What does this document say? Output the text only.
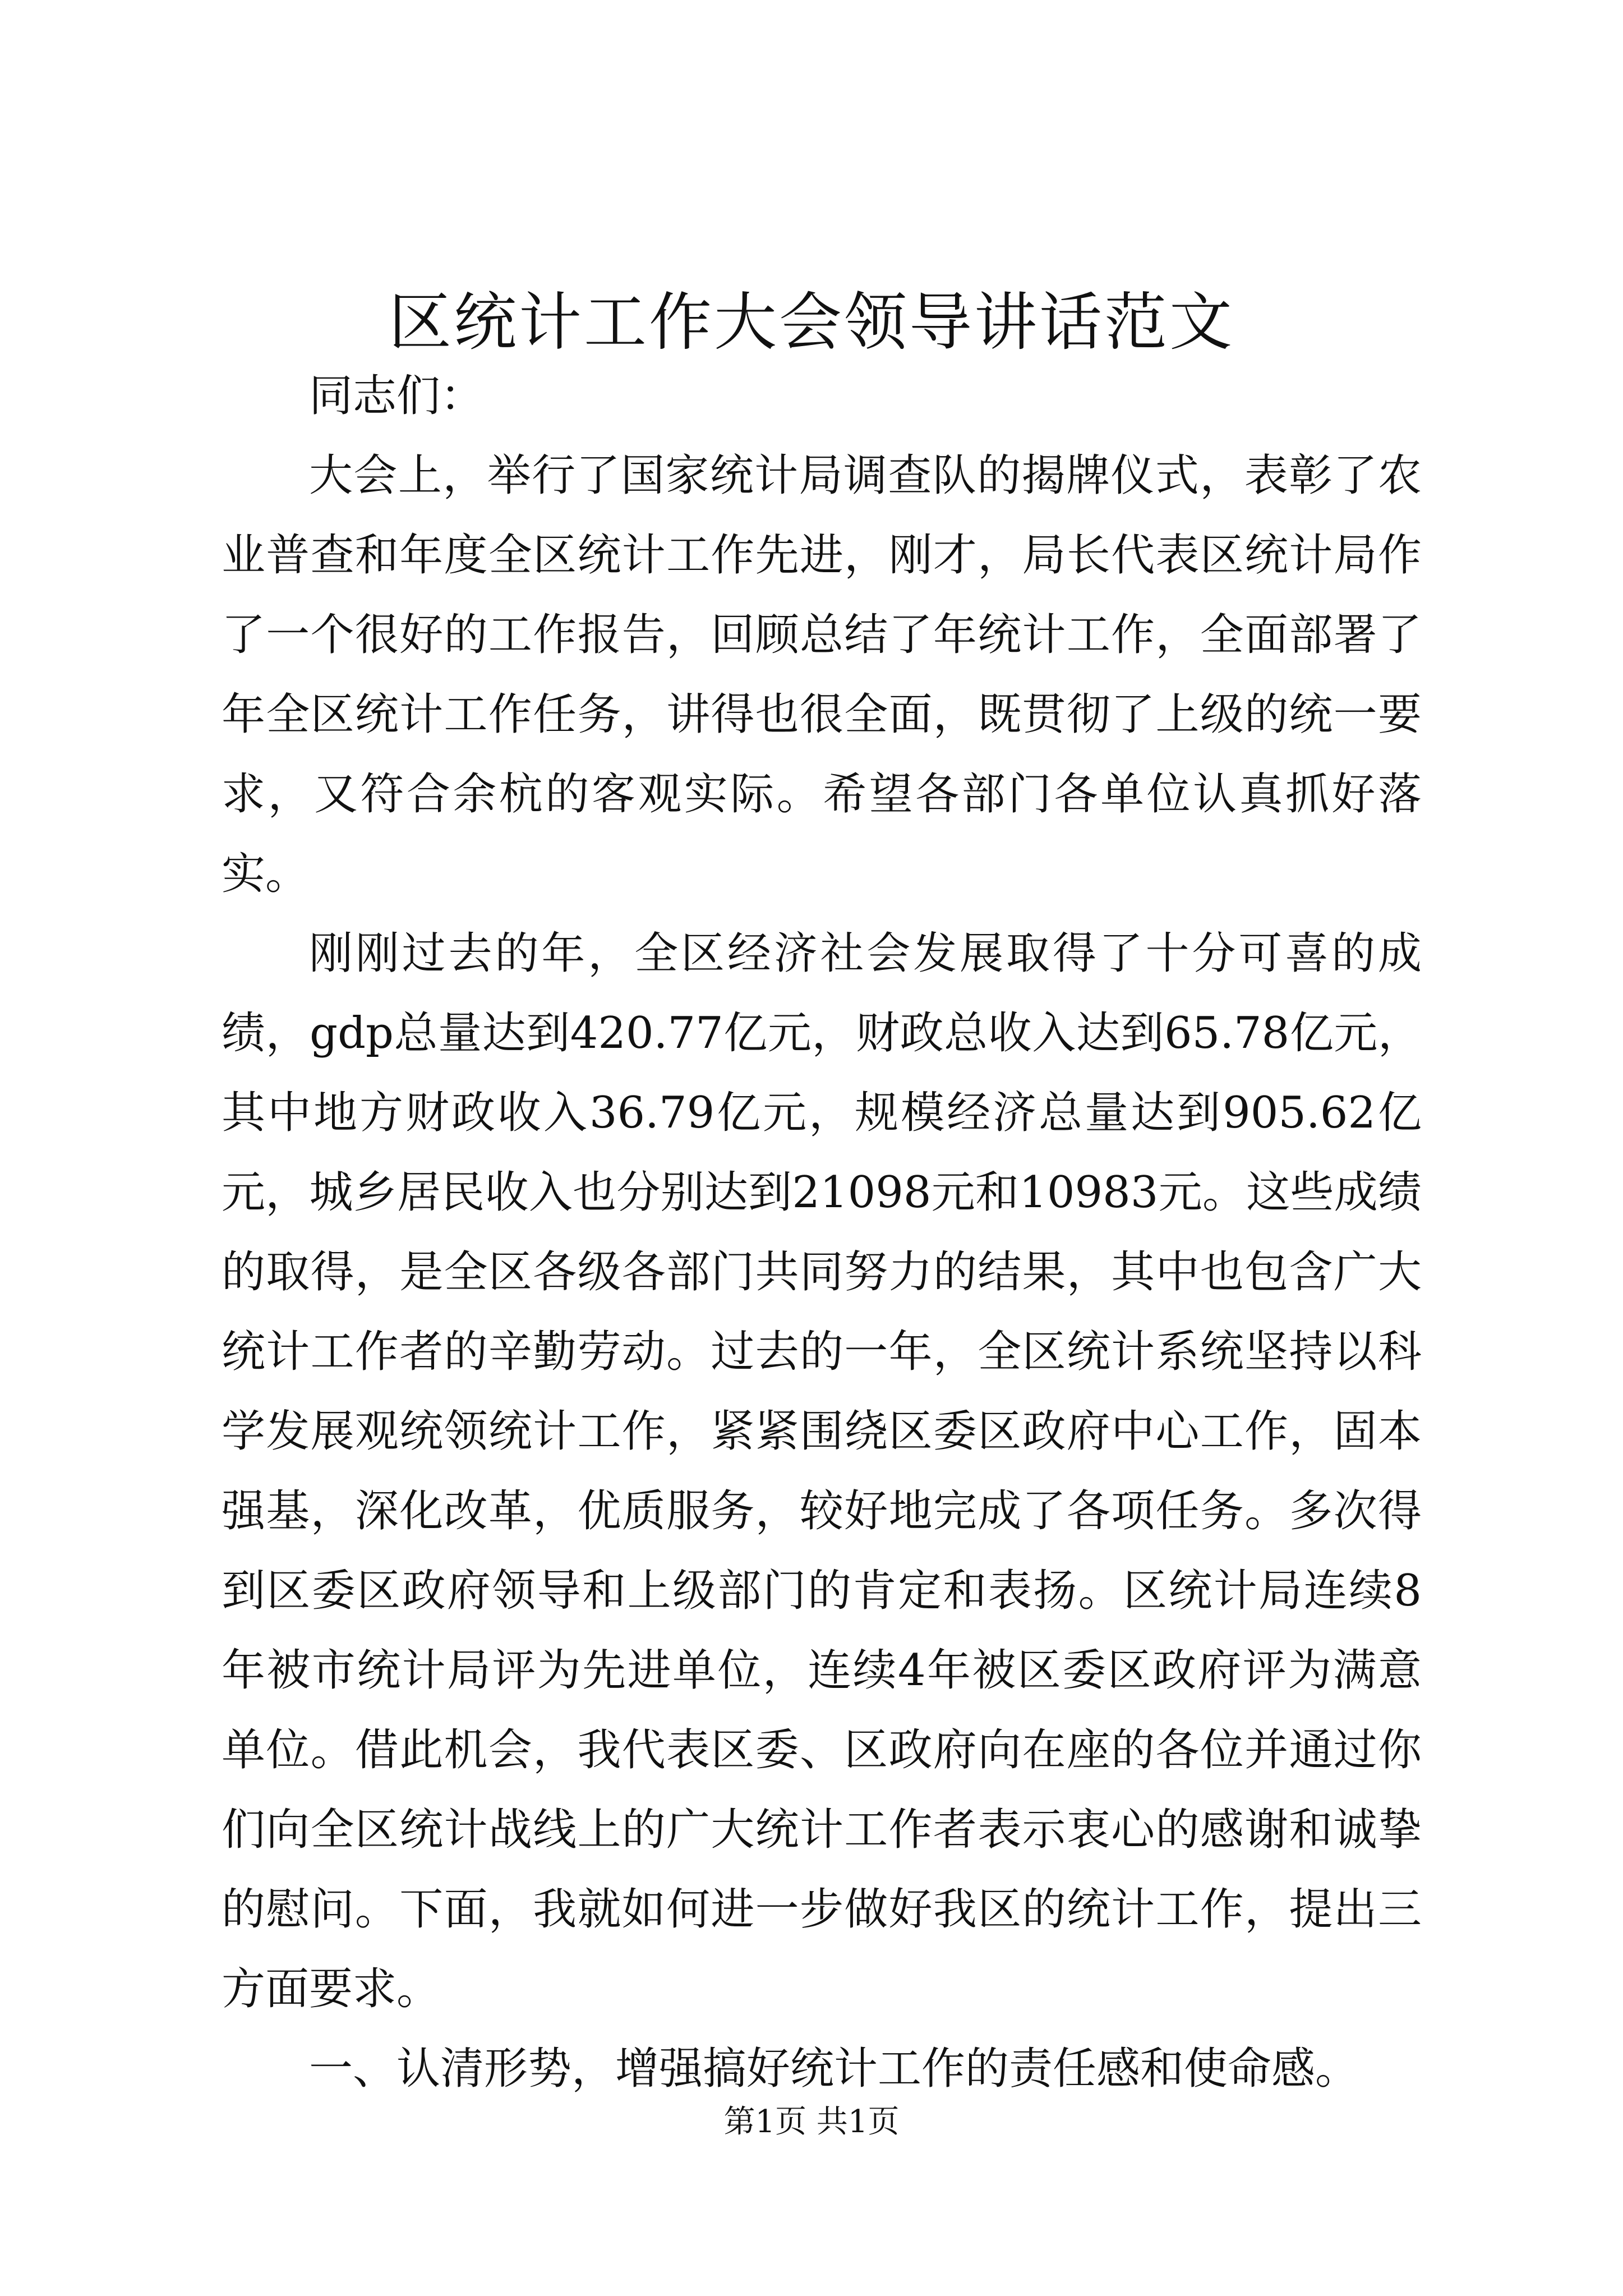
区统计工作大会领导讲话范文

同志们：

大会上，举行了国家统计局调查队的揭牌仪式，表彰了农业普查和年度全区统计工作先进，刚才，局长代表区统计局作了一个很好的工作报告，回顾总结了年统计工作，全面部署了年全区统计工作任务，讲得也很全面，既贯彻了上级的统一要求，又符合余杭的客观实际。希望各部门各单位认真抓好落实。

刚刚过去的年，全区经济社会发展取得了十分可喜的成绩，gdp总量达到420.77亿元，财政总收入达到65.78亿元，其中地方财政收入36.79亿元，规模经济总量达到905.62亿元，城乡居民收入也分别达到21098元和10983元。这些成绩的取得，是全区各级各部门共同努力的结果，其中也包含广大统计工作者的辛勤劳动。过去的一年，全区统计系统坚持以科学发展观统领统计工作，紧紧围绕区委区政府中心工作，固本强基，深化改革，优质服务，较好地完成了各项任务。多次得到区委区政府领导和上级部门的肯定和表扬。区统计局连续8年被市统计局评为先进单位，连续4年被区委区政府评为满意单位。借此机会，我代表区委、区政府向在座的各位并通过你们向全区统计战线上的广大统计工作者表示衷心的感谢和诚挚的慰问。下面，我就如何进一步做好我区的统计工作，提出三方面要求。

一、认清形势，增强搞好统计工作的责任感和使命感。

第1页 共1页
